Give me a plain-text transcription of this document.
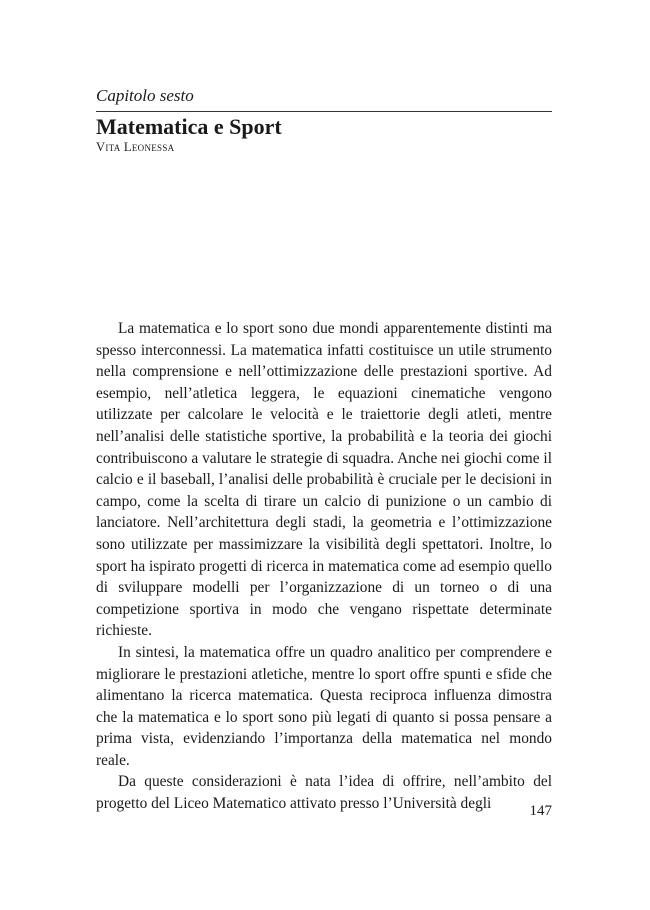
Capitolo sesto
Matematica e Sport
Vita Leonessa

La matematica e lo sport sono due mondi apparentemente distinti ma spesso interconnessi. La matematica infatti costituisce un utile strumento nella comprensione e nell’ottimizzazione delle prestazioni sportive. Ad esempio, nell’atletica leggera, le equazioni cinematiche vengono utilizzate per calcolare le velocità e le traiettorie degli atleti, mentre nell’analisi delle statistiche sportive, la probabilità e la teoria dei giochi contribuiscono a valutare le strategie di squadra. Anche nei giochi come il calcio e il baseball, l’analisi delle probabilità è cruciale per le decisioni in campo, come la scelta di tirare un calcio di punizione o un cambio di lanciatore. Nell’architettura degli stadi, la geometria e l’ottimizzazione sono utilizzate per massimizzare la visibilità degli spettatori. Inoltre, lo sport ha ispirato progetti di ricerca in matematica come ad esempio quello di sviluppare modelli per l’organizzazione di un torneo o di una competizione sportiva in modo che vengano rispettate determinate richieste.

In sintesi, la matematica offre un quadro analitico per comprendere e migliorare le prestazioni atletiche, mentre lo sport offre spunti e sfide che alimentano la ricerca matematica. Questa reciproca influenza dimostra che la matematica e lo sport sono più legati di quanto si possa pensare a prima vista, evidenziando l’importanza della matematica nel mondo reale.

Da queste considerazioni è nata l’idea di offrire, nell’ambito del progetto del Liceo Matematico attivato presso l’Università degli	147
